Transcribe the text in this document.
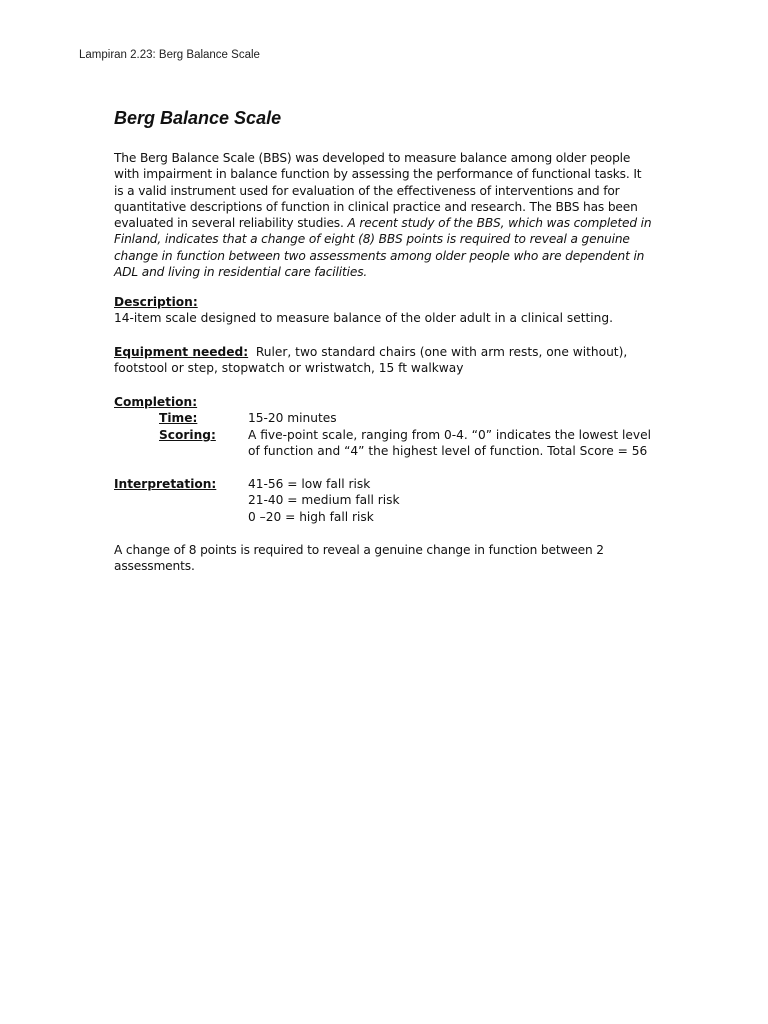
Lampiran 2.23: Berg Balance Scale
Berg Balance Scale
The Berg Balance Scale (BBS) was developed to measure balance among older people with impairment in balance function by assessing the performance of functional tasks. It is a valid instrument used for evaluation of the effectiveness of interventions and for quantitative descriptions of function in clinical practice and research. The BBS has been evaluated in several reliability studies. A recent study of the BBS, which was completed in Finland, indicates that a change of eight (8) BBS points is required to reveal a genuine change in function between two assessments among older people who are dependent in ADL and living in residential care facilities.
Description:
14-item scale designed to measure balance of the older adult in a clinical setting.
Equipment needed: Ruler, two standard chairs (one with arm rests, one without), footstool or step, stopwatch or wristwatch, 15 ft walkway
Completion:
Time:	15-20 minutes
Scoring:	A five-point scale, ranging from 0-4. “0” indicates the lowest level
of function and “4” the highest level of function. Total Score = 56
Interpretation:	41-56 = low fall risk
21-40 = medium fall risk
0 –20 = high fall risk
A change of 8 points is required to reveal a genuine change in function between 2 assessments.
